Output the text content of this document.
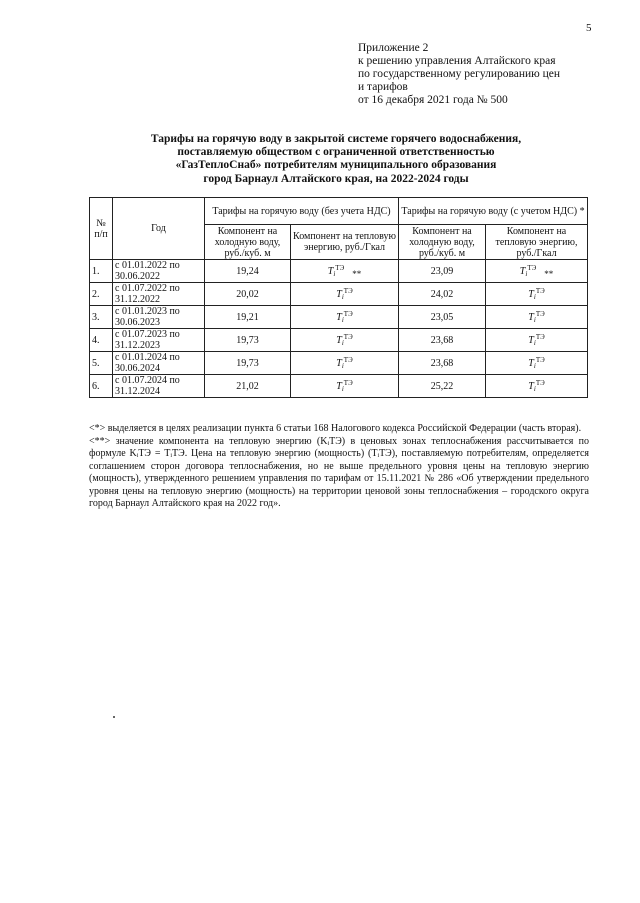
5
Приложение 2
к решению управления Алтайского края
по государственному регулированию цен
и тарифов
от 16 декабря 2021 года № 500
Тарифы на горячую воду в закрытой системе горячего водоснабжения,
поставляемую обществом с ограниченной ответственностью
«ГазТеплоСнаб» потребителям муниципального образования
город Барнаул Алтайского края, на 2022-2024 годы
№ п/п	Год	Тарифы на горячую воду (без учета НДС)		Тарифы на горячую воду (с учетом НДС) *	
		Компонент на холодную воду, руб./куб. м	Компонент на тепловую энергию, руб./Гкал	Компонент на холодную воду, руб./куб. м	Компонент на тепловую энергию, руб./Гкал
1.	с 01.01.2022 по 30.06.2022	19,24	$T_i^{ТЭ}**$	23,09	$T_i^{ТЭ}**$
2.	с 01.07.2022 по 31.12.2022	20,02	$T_i^{ТЭ}$	24,02	$T_i^{ТЭ}$
3.	с 01.01.2023 по 30.06.2023	19,21	$T_i^{ТЭ}$	23,05	$T_i^{ТЭ}$
4.	с 01.07.2023 по 31.12.2023	19,73	$T_i^{ТЭ}$	23,68	$T_i^{ТЭ}$
5.	с 01.01.2024 по 30.06.2024	19,73	$T_i^{ТЭ}$	23,68	$T_i^{ТЭ}$
6.	с 01.07.2024 по 31.12.2024	21,02	$T_i^{ТЭ}$	25,22	$T_i^{ТЭ}$

<*> выделяется в целях реализации пункта 6 статьи 168 Налогового кодекса Российской Федерации (часть вторая).

<**> значение компонента на тепловую энергию (KᵢТЭ) в ценовых зонах теплоснабжения рассчитывается по формуле KᵢТЭ = TᵢТЭ. Цена на тепловую энергию (мощность) (TᵢТЭ), поставляемую потребителям, определяется соглашением сторон договора теплоснабжения, но не выше предельного уровня цены на тепловую энергию (мощность), утвержденного решением управления по тарифам от 15.11.2021 № 286 «Об утверждении предельного уровня цены на тепловую энергию (мощность) на территории ценовой зоны теплоснабжения – городского округа город Барнаул Алтайского края на 2022 год».
